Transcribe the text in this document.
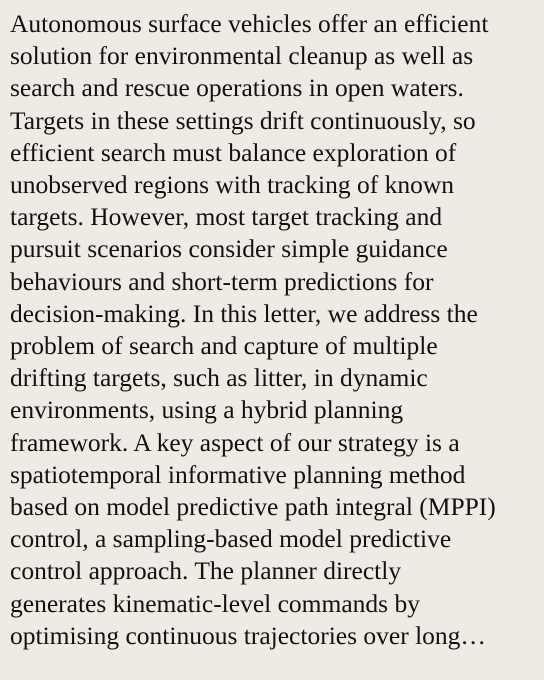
Autonomous surface vehicles offer an efficient
solution for environmental cleanup as well as
search and rescue operations in open waters.
Targets in these settings drift continuously, so
efficient search must balance exploration of
unobserved regions with tracking of known
targets. However, most target tracking and
pursuit scenarios consider simple guidance
behaviours and short-term predictions for
decision-making. In this letter, we address the
problem of search and capture of multiple
drifting targets, such as litter, in dynamic
environments, using a hybrid planning
framework. A key aspect of our strategy is a
spatiotemporal informative planning method
based on model predictive path integral (MPPI)
control, a sampling-based model predictive
control approach. The planner directly
generates kinematic-level commands by
optimising continuous trajectories over long…
